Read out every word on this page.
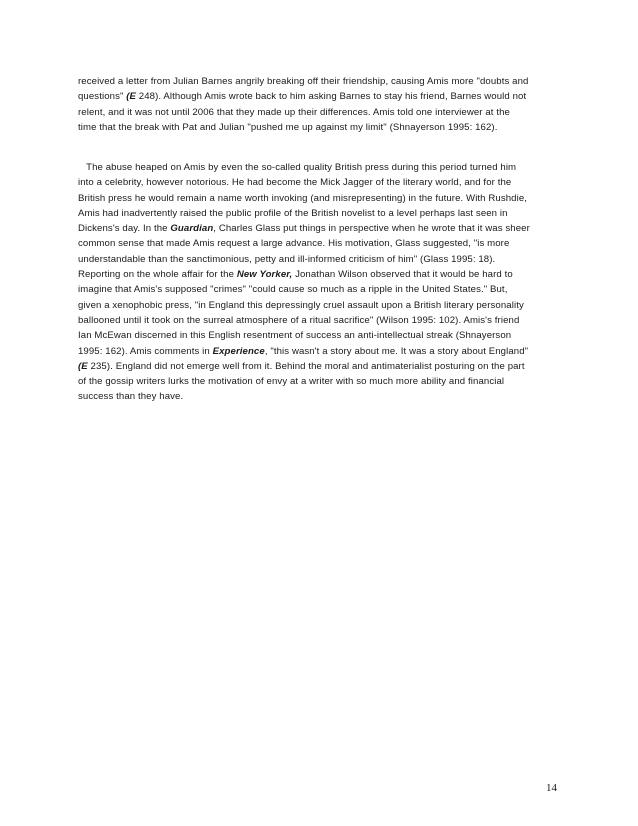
received a letter from Julian Barnes angrily breaking off their friendship, causing Amis more "doubts and
questions" (E 248). Although Amis wrote back to him asking Barnes to stay his friend, Barnes would not
relent, and it was not until 2006 that they made up their differences. Amis told one interviewer at the
time that the break with Pat and Julian "pushed me up against my limit" (Shnayerson 1995: 162).
The abuse heaped on Amis by even the so-called quality British press during this period turned him
into a celebrity, however notorious. He had become the Mick Jagger of the literary world, and for the
British press he would remain a name worth invoking (and misrepresenting) in the future. With Rushdie,
Amis had inadvertently raised the public profile of the British novelist to a level perhaps last seen in
Dickens's day. In the Guardian, Charles Glass put things in perspective when he wrote that it was sheer
common sense that made Amis request a large advance. His motivation, Glass suggested, "is more
understandable than the sanctimonious, petty and ill-informed criticism of him" (Glass 1995: 18).
Reporting on the whole affair for the New Yorker, Jonathan Wilson observed that it would be hard to
imagine that Amis's supposed "crimes" "could cause so much as a ripple in the United States." But,
given a xenophobic press, "in England this depressingly cruel assault upon a British literary personality
ballooned until it took on the surreal atmosphere of a ritual sacrifice" (Wilson 1995: 102). Amis's friend
Ian McEwan discerned in this English resentment of success an anti-intellectual streak (Shnayerson
1995: 162). Amis comments in Experience, "this wasn't a story about me. It was a story about England"
(E 235). England did not emerge well from it. Behind the moral and antimaterialist posturing on the part
of the gossip writers lurks the motivation of envy at a writer with so much more ability and financial
success than they have.
14
